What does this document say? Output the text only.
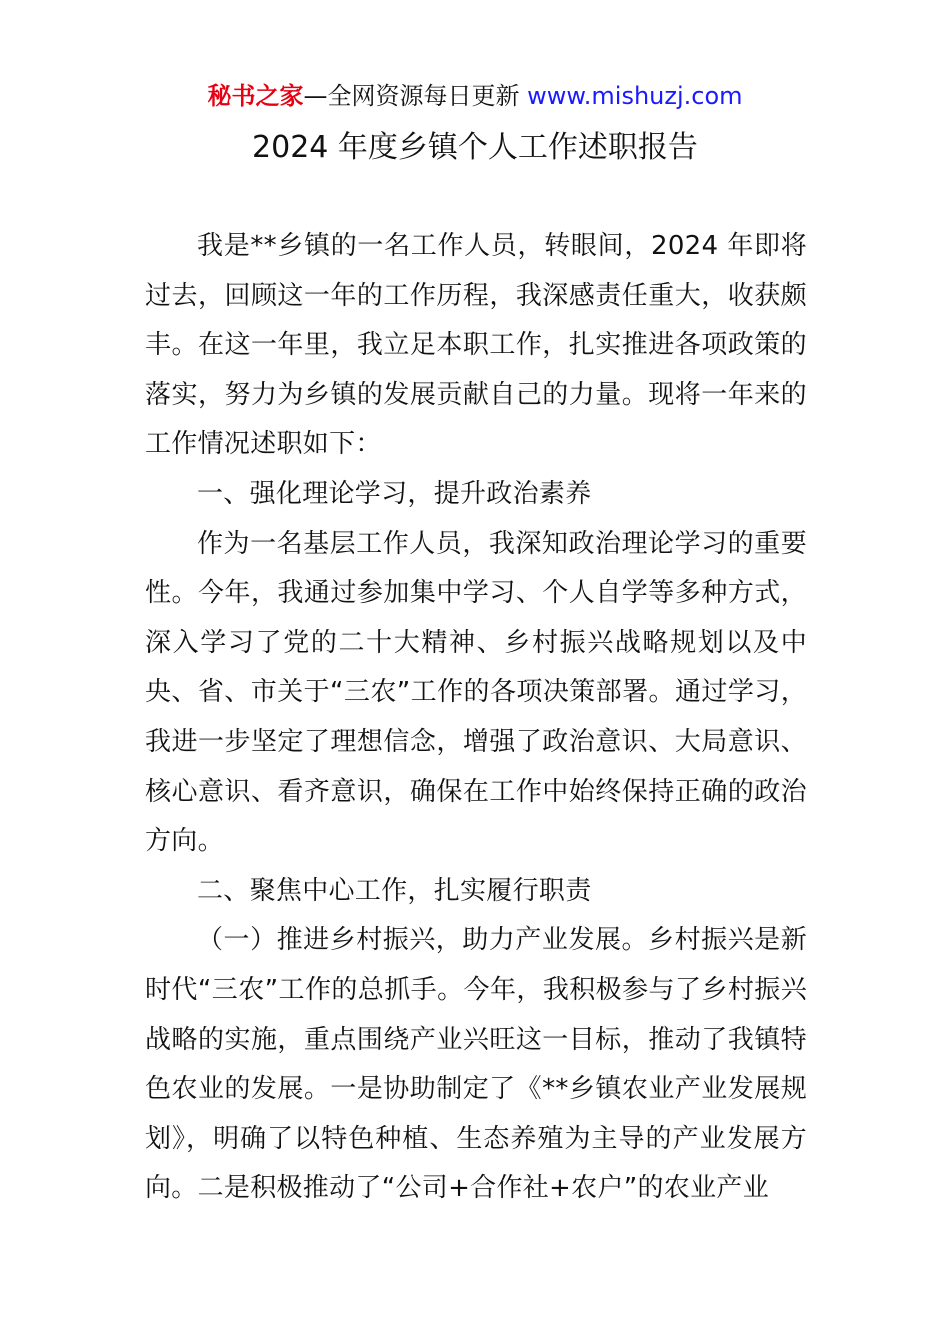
秘书之家—全网资源每日更新 www.mishuzj.com
2024 年度乡镇个人工作述职报告

我是**乡镇的一名工作人员，转眼间，2024 年即将过去，回顾这一年的工作历程，我深感责任重大，收获颇丰。在这一年里，我立足本职工作，扎实推进各项政策的落实，努力为乡镇的发展贡献自己的力量。现将一年来的工作情况述职如下：

一、强化理论学习，提升政治素养

作为一名基层工作人员，我深知政治理论学习的重要性。今年，我通过参加集中学习、个人自学等多种方式，深入学习了党的二十大精神、乡村振兴战略规划以及中央、省、市关于“三农”工作的各项决策部署。通过学习，我进一步坚定了理想信念，增强了政治意识、大局意识、核心意识、看齐意识，确保在工作中始终保持正确的政治方向。

二、聚焦中心工作，扎实履行职责

（一）推进乡村振兴，助力产业发展。乡村振兴是新时代“三农”工作的总抓手。今年，我积极参与了乡村振兴战略的实施，重点围绕产业兴旺这一目标，推动了我镇特色农业的发展。一是协助制定了《**乡镇农业产业发展规划》，明确了以特色种植、生态养殖为主导的产业发展方向。二是积极推动了“公司+合作社+农户”的农业产业
